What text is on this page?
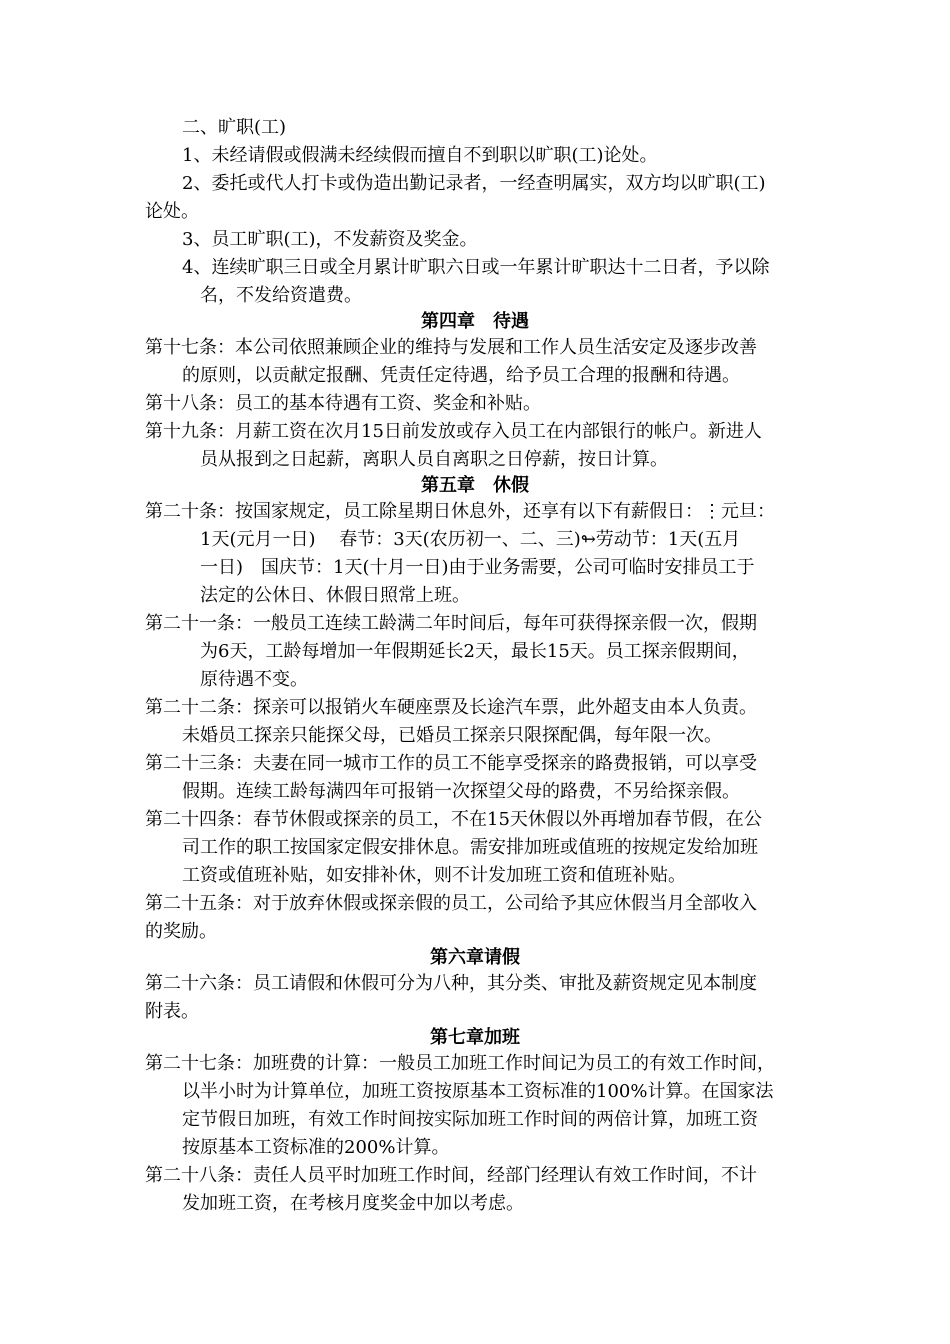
二、旷职(工)
1、未经请假或假满未经续假而擅自不到职以旷职(工)论处。
2、委托或代人打卡或伪造出勤记录者，一经查明属实，双方均以旷职(工)
论处。
3、员工旷职(工)，不发薪资及奖金。
4、连续旷职三日或全月累计旷职六日或一年累计旷职达十二日者，予以除
名，不发给资遣费。
第四章　待遇
第十七条：本公司依照兼顾企业的维持与发展和工作人员生活安定及逐步改善
的原则，以贡献定报酬、凭责任定待遇，给予员工合理的报酬和待遇。
第十八条：员工的基本待遇有工资、奖金和补贴。
第十九条：月薪工资在次月15日前发放或存入员工在内部银行的帐户。新进人
员从报到之日起薪，离职人员自离职之日停薪，按日计算。
第五章　休假
第二十条：按国家规定，员工除星期日休息外，还享有以下有薪假日：⋮元旦：
1天(元月一日)　 春节：3天(农历初一、二、三)↬劳动节：1天(五月
一日)　国庆节：1天(十月一日)由于业务需要，公司可临时安排员工于
法定的公休日、休假日照常上班。
第二十一条：一般员工连续工龄满二年时间后，每年可获得探亲假一次，假期
为6天，工龄每增加一年假期延长2天，最长15天。员工探亲假期间，
原待遇不变。
第二十二条：探亲可以报销火车硬座票及长途汽车票，此外超支由本人负责。
未婚员工探亲只能探父母，已婚员工探亲只限探配偶，每年限一次。
第二十三条：夫妻在同一城市工作的员工不能享受探亲的路费报销，可以享受
假期。连续工龄每满四年可报销一次探望父母的路费，不另给探亲假。
第二十四条：春节休假或探亲的员工，不在15天休假以外再增加春节假，在公
司工作的职工按国家定假安排休息。需安排加班或值班的按规定发给加班
工资或值班补贴，如安排补休，则不计发加班工资和值班补贴。
第二十五条：对于放弃休假或探亲假的员工，公司给予其应休假当月全部收入
的奖励。
第六章请假
第二十六条：员工请假和休假可分为八种，其分类、审批及薪资规定见本制度
附表。
第七章加班
第二十七条：加班费的计算：一般员工加班工作时间记为员工的有效工作时间，
以半小时为计算单位，加班工资按原基本工资标准的100%计算。在国家法
定节假日加班，有效工作时间按实际加班工作时间的两倍计算，加班工资
按原基本工资标准的200%计算。
第二十八条：责任人员平时加班工作时间，经部门经理认有效工作时间，不计
发加班工资，在考核月度奖金中加以考虑。
